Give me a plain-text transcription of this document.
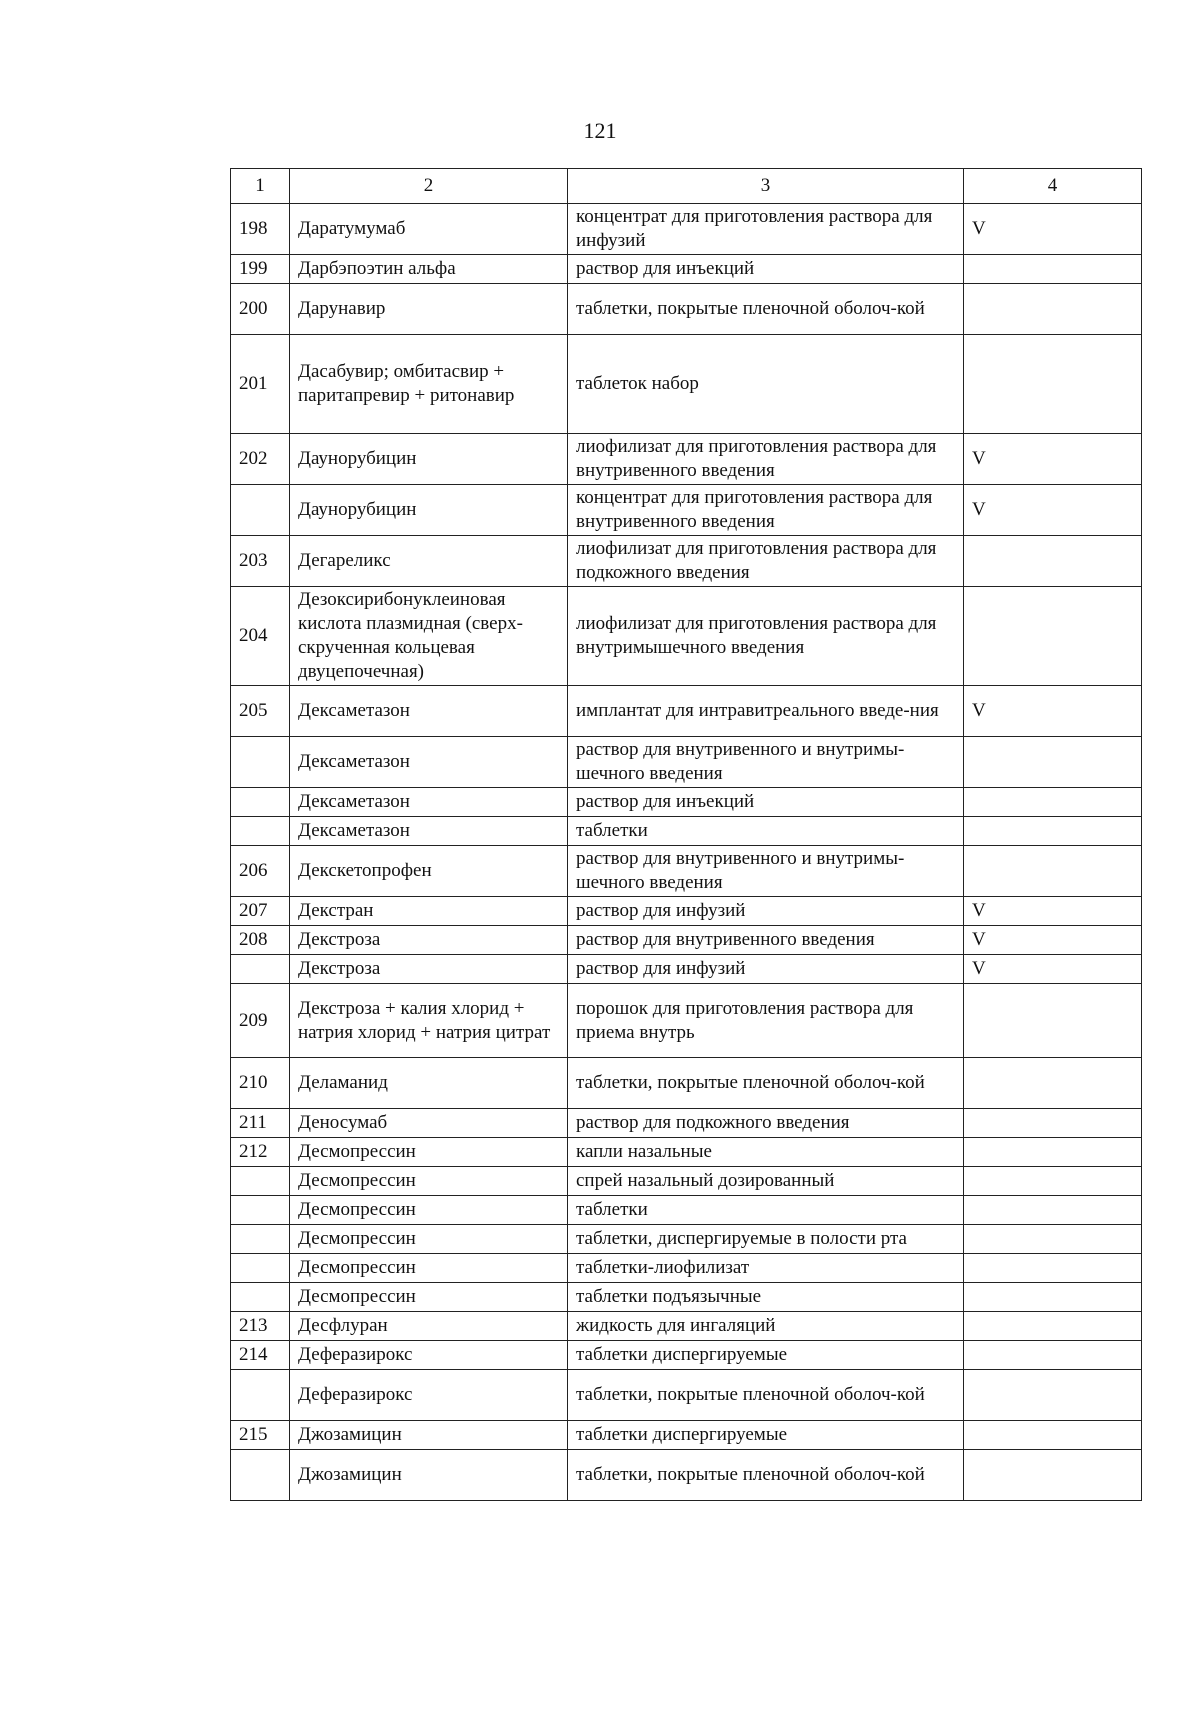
121
1	2	3	4
198	Даратумумаб	концентрат для приготовления раствора для инфузий	V
199	Дарбэпоэтин альфа	раствор для инъекций	
200	Дарунавир	таблетки, покрытые пленочной оболоч-кой	
201	Дасабувир; омбитасвир + паритапревир + ритонавир	таблеток набор	
202	Даунорубицин	лиофилизат для приготовления раствора для внутривенного введения	V
	Даунорубицин	концентрат для приготовления раствора для внутривенного введения	V
203	Дегареликс	лиофилизат для приготовления раствора для подкожного введения	
204	Дезоксирибонуклеиновая кислота плазмидная (сверх-скрученная кольцевая двуцепочечная)	лиофилизат для приготовления раствора для внутримышечного введения	
205	Дексаметазон	имплантат для интравитреального введе-ния	V
	Дексаметазон	раствор для внутривенного и внутримы-шечного введения	
	Дексаметазон	раствор для инъекций	
	Дексаметазон	таблетки	
206	Декскетопрофен	раствор для внутривенного и внутримы-шечного введения	
207	Декстран	раствор для инфузий	V
208	Декстроза	раствор для внутривенного введения	V
	Декстроза	раствор для инфузий	V
209	Декстроза + калия хлорид + натрия хлорид + натрия цитрат	порошок для приготовления раствора для приема внутрь	
210	Деламанид	таблетки, покрытые пленочной оболоч-кой	
211	Деносумаб	раствор для подкожного введения	
212	Десмопрессин	капли назальные	
	Десмопрессин	спрей назальный дозированный	
	Десмопрессин	таблетки	
	Десмопрессин	таблетки, диспергируемые в полости рта	
	Десмопрессин	таблетки-лиофилизат	
	Десмопрессин	таблетки подъязычные	
213	Десфлуран	жидкость для ингаляций	
214	Деферазирокс	таблетки диспергируемые	
	Деферазирокс	таблетки, покрытые пленочной оболоч-кой	
215	Джозамицин	таблетки диспергируемые	
	Джозамицин	таблетки, покрытые пленочной оболоч-кой	
